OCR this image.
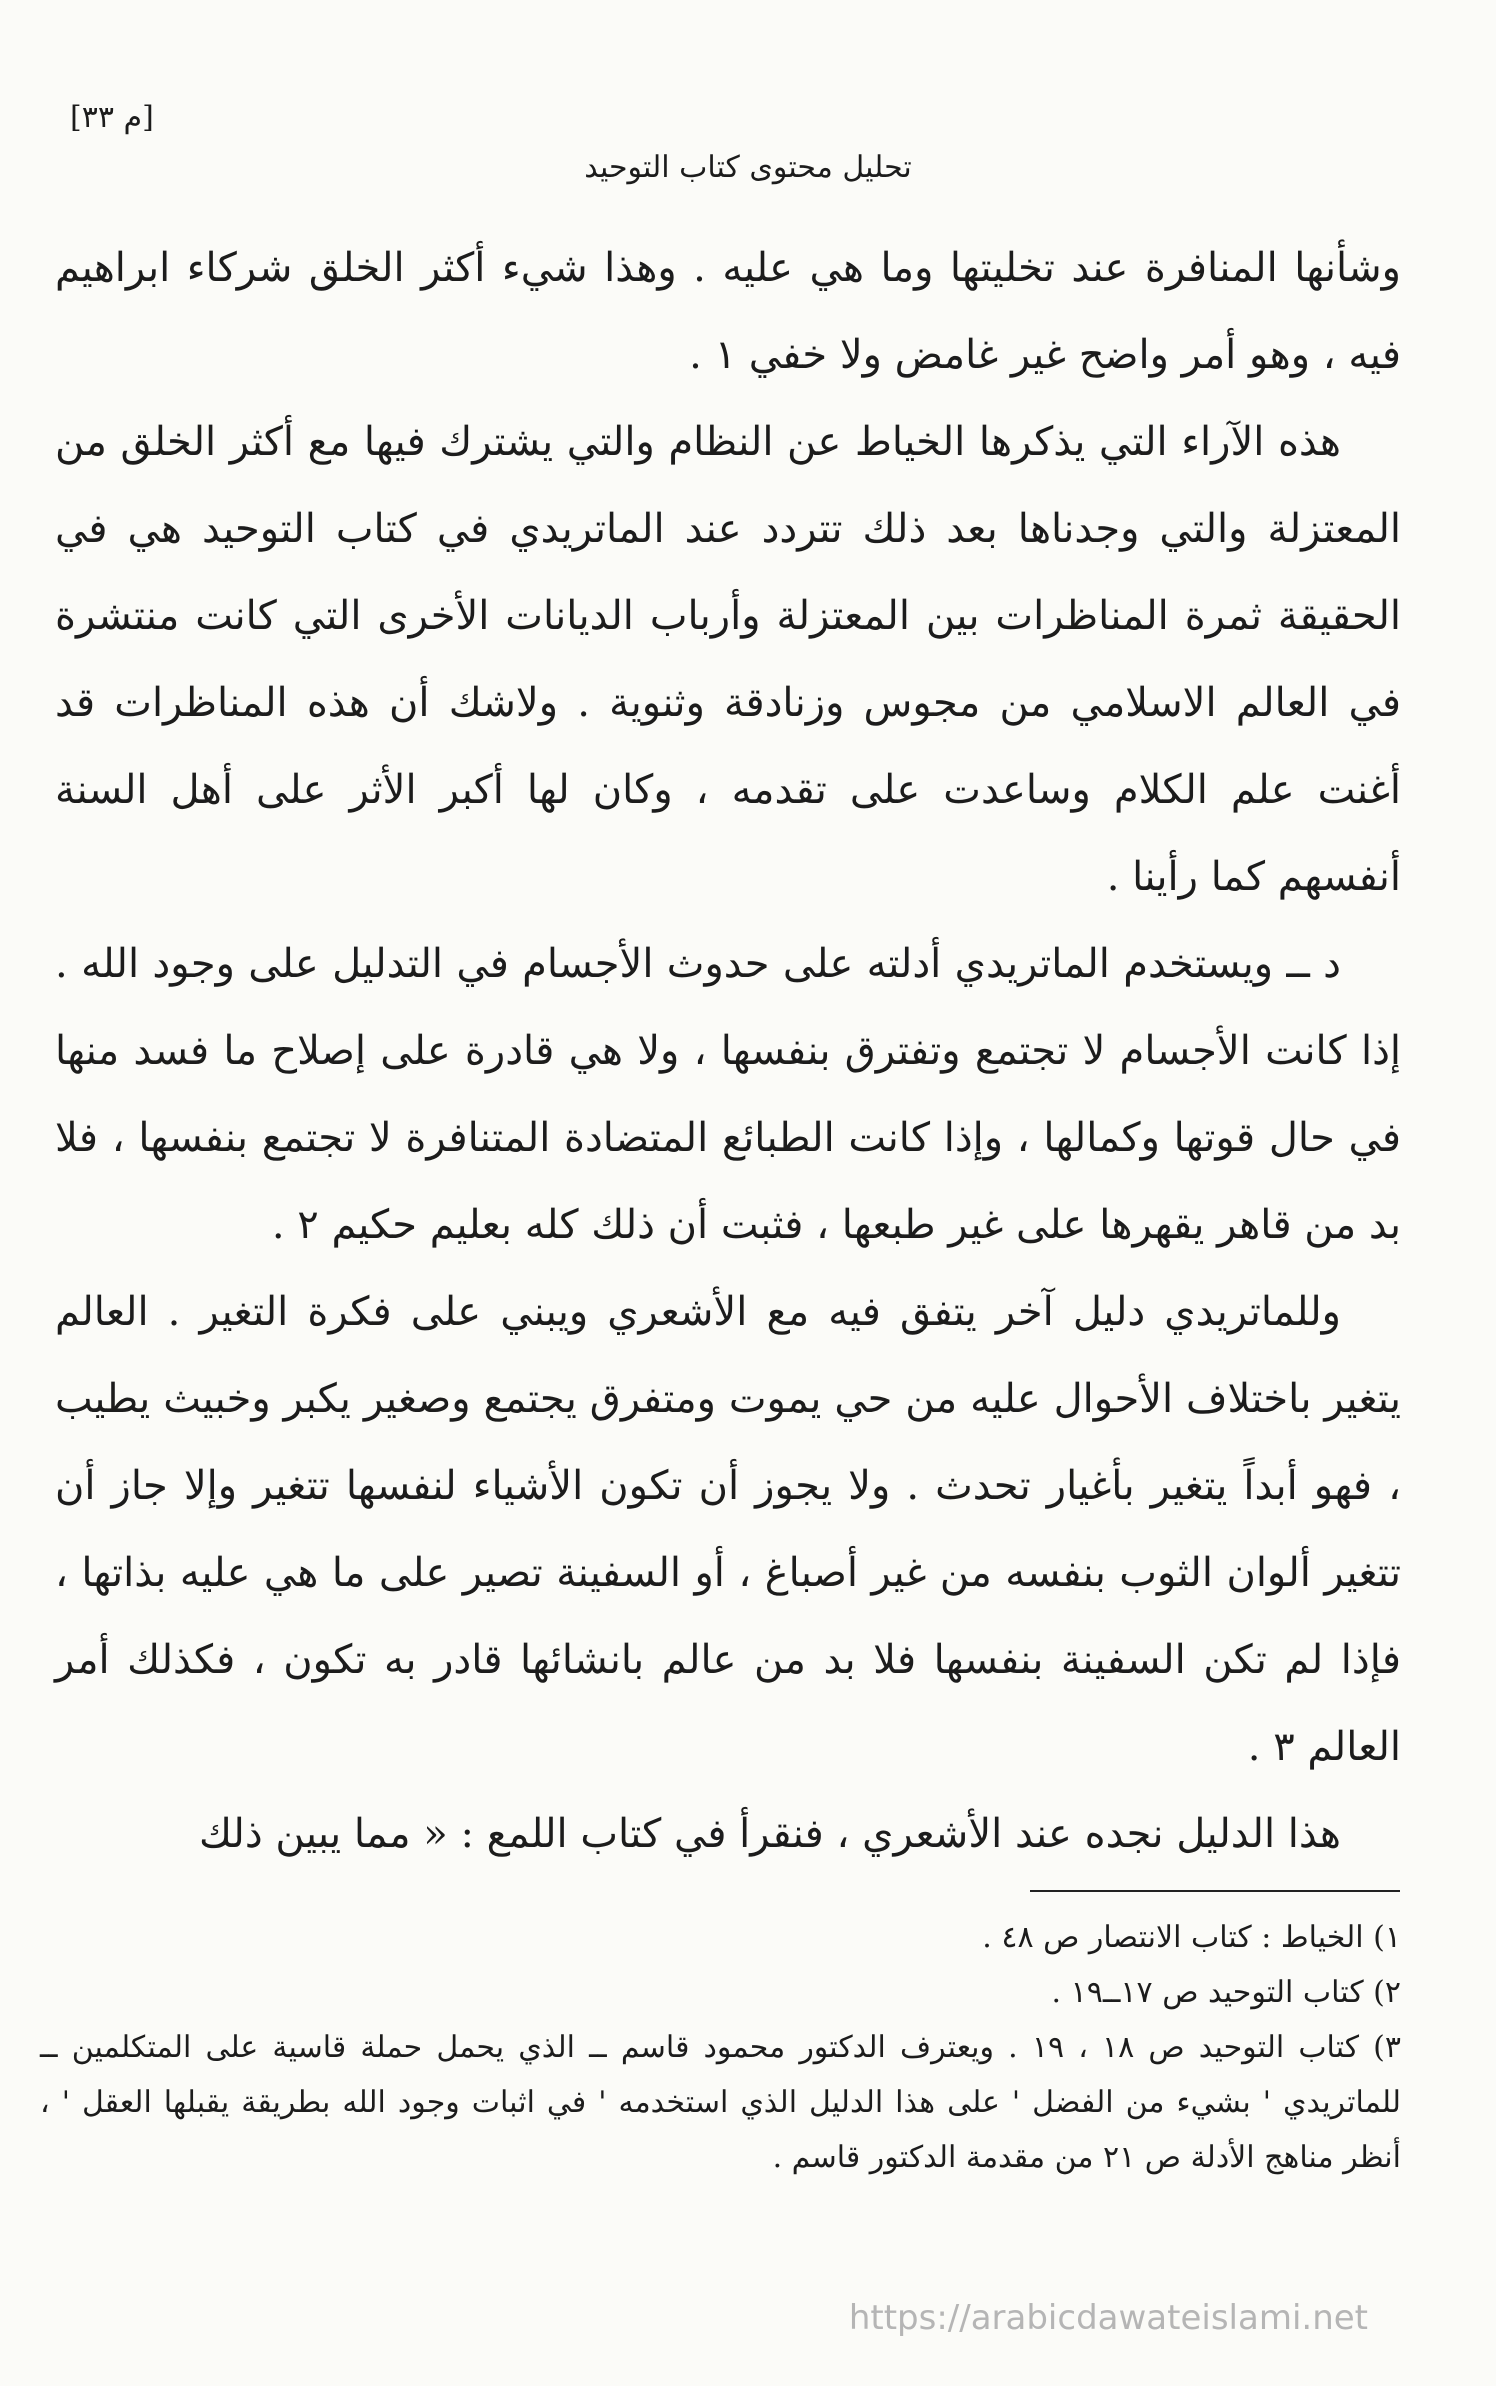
[م ٣٣]
تحليل محتوى كتاب التوحيد

وشأنها المنافرة عند تخليتها وما هي عليه . وهذا شيء أكثر الخلق شركاء ابراهيم فيه ، وهو أمر واضح غير غامض ولا خفي ١ .

هذه الآراء التي يذكرها الخياط عن النظام والتي يشترك فيها مع أكثر الخلق من المعتزلة والتي وجدناها بعد ذلك تتردد عند الماتريدي في كتاب التوحيد هي في الحقيقة ثمرة المناظرات بين المعتزلة وأرباب الديانات الأخرى التي كانت منتشرة في العالم الاسلامي من مجوس وزنادقة وثنوية . ولاشك أن هذه المناظرات قد أغنت علم الكلام وساعدت على تقدمه ، وكان لها أكبر الأثر على أهل السنة أنفسهم كما رأينا .

د ــ ويستخدم الماتريدي أدلته على حدوث الأجسام في التدليل على وجود الله . إذا كانت الأجسام لا تجتمع وتفترق بنفسها ، ولا هي قادرة على إصلاح ما فسد منها في حال قوتها وكمالها ، وإذا كانت الطبائع المتضادة المتنافرة لا تجتمع بنفسها ، فلا بد من قاهر يقهرها على غير طبعها ، فثبت أن ذلك كله بعليم حكيم ٢ .

وللماتريدي دليل آخر يتفق فيه مع الأشعري ويبني على فكرة التغير . العالم يتغير باختلاف الأحوال عليه من حي يموت ومتفرق يجتمع وصغير يكبر وخبيث يطيب ، فهو أبداً يتغير بأغيار تحدث . ولا يجوز أن تكون الأشياء لنفسها تتغير وإلا جاز أن تتغير ألوان الثوب بنفسه من غير أصباغ ، أو السفينة تصير على ما هي عليه بذاتها ، فإذا لم تكن السفينة بنفسها فلا بد من عالم بانشائها قادر به تكون ، فكذلك أمر العالم ٣ .

هذا الدليل نجده عند الأشعري ، فنقرأ في كتاب اللمع : « مما يبين ذلك

١) الخياط : كتاب الانتصار ص ٤٨ .

٢) كتاب التوحيد ص ١٧ــ١٩ .

٣) كتاب التوحيد ص ١٨ ، ١٩ . ويعترف الدكتور محمود قاسم ــ الذي يحمل حملة قاسية على المتكلمين ــ للماتريدي ' بشيء من الفضل ' على هذا الدليل الذي استخدمه ' في اثبات وجود الله بطريقة يقبلها العقل ' ، أنظر مناهج الأدلة ص ٢١ من مقدمة الدكتور قاسم .

https://arabicdawateislami.net
